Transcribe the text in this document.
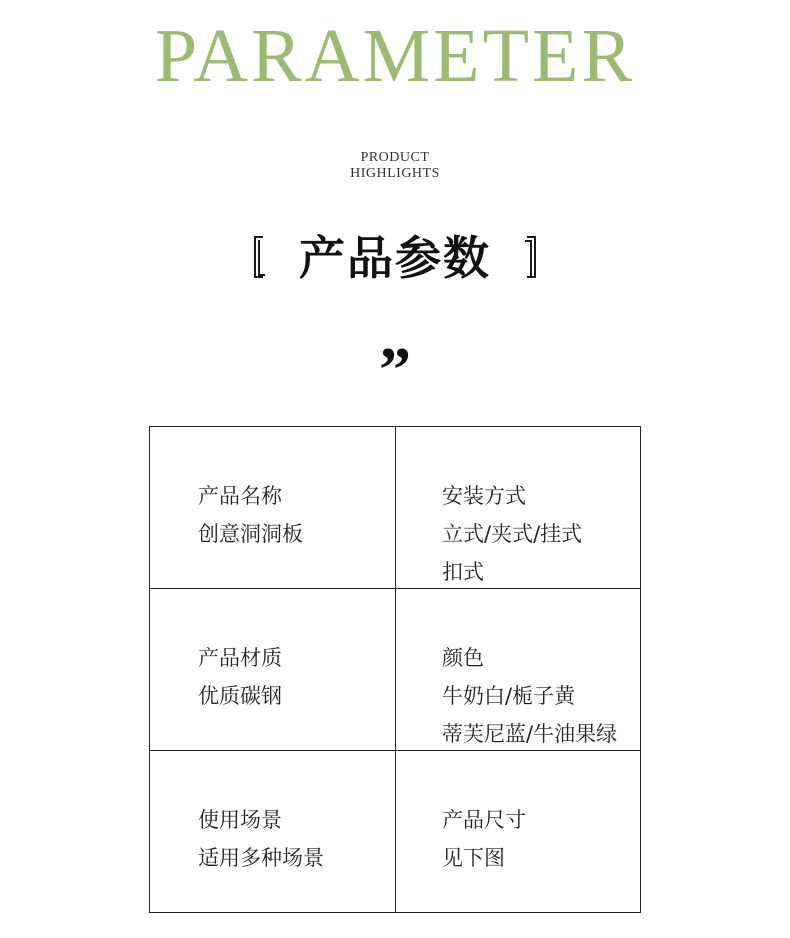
PARAMETER
PRODUCT
HIGHLIGHTS
产品参数
”
产品名称
创意洞洞板
安装方式
立式/夹式/挂式
扣式
产品材质
优质碳钢
颜色
牛奶白/栀子黄
蒂芙尼蓝/牛油果绿
使用场景
适用多种场景
产品尺寸
见下图
